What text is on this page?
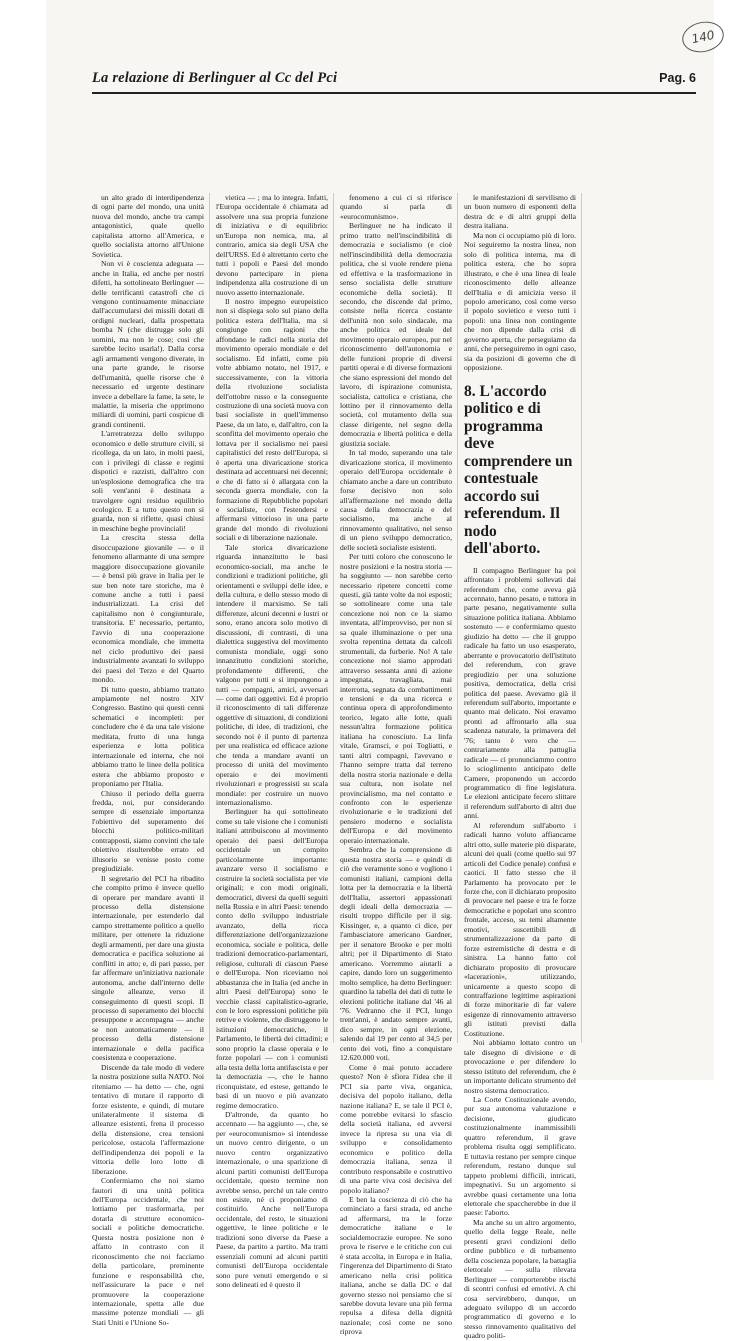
140
La relazione di Berlinguer al Cc del Pci	Pag. 6

un alto grado di interdipendenza di ogni parte del mondo, una unità nuova del mondo, anche tra campi antagonistici, quale quello capitalista attorno all'America, e quello socialista attorno all'Unione Sovietica.

Non vi è coscienza adeguata — anche in Italia, ed anche per nostri difetti, ha sottolineato Berlinguer — delle terrificanti catastrofi che ci vengono continuamente minacciate dall'accumularsi dei missili dotati di ordigni nucleari, dalla prospettata bomba N (che distrugge solo gli uomini, ma non le cose; cosi che sarebbe lecito usarla!). Dalla corsa agli armamenti vengono diverate, in una parte grande, le risorse dell'umanità, quelle risorse che è necessario ed urgente destinare invece a debellare la fame, la sete, le malattie, la miseria che opprimono miliardi di uomini, parti cospicue di grandi continenti.

L'arretratezza dello sviluppo economico e delle strutture civili, si ricollega, da un lato, in molti paesi, con i privilegi di classe e regimi dispotici e razzisti, dall'altro con un'esplosione demografica che tra soli vent'anni è destinata a travolgere ogni residuo equilibrio ecologico. E a tutto questo non si guarda, non si riflette, quasi chiusi in meschine beghe provinciali!

La crescita stessa della disoccupazione giovanile — e il fenomeno allarmante di una sempre maggiore disoccupazione giovanile — è bensì più grave in Italia per le sue ben note tare storiche, ma è comune anche a tutti i paesi industrializzati. La crisi del capitalismo non è congiunturale, transitoria. E' necessario, pertanto, l'avvio di una cooperazione economica mondiale, che immetta nel ciclo produttivo dei paesi industrialmente avanzati lo sviluppo dei paesi del Terzo e del Quarto mondo.

Di tutto questo, abbiamo trattato ampiamente nel nostro XIV Congresso. Bastino qui questi cenni schematici e incompleti: per concludere che è da una tale visione meditata, frutto di una lunga esperienza e lotta politica internazionale ed interna, che noi abbiamo tratto le linee della politica estera che abbiamo proposto e proponiamo per l'Italia.

Chiuso il periodo della guerra fredda, noi, pur considerando sempre di essenziale importanza l'obiettivo del superamento dei blocchi politico-militari contrapposti, siamo convinti che tale obiettivo risulterebbe errato ed illusorio se venisse posto come pregiudiziale.

Il segretario del PCI ha ribadito che compito primo è invece quello di operare per mandare avanti il processo della distensione internazionale, per estenderlo dal campo strettamente politico a quello militare, per ottenere la riduzione degli armamenti, per dare una giusta democratica e pacifica soluzione ai conflitti in atto; e, di pari passo, per far affermare un'iniziativa nazionale autonoma, anche dall'interno delle singole alleanze, verso il conseguimento di questi scopi. Il processo di superamento dei blocchi presuppone e accompagna — anche se non automaticamente — il processo della distensione internazionale e della pacifica coesistenza e cooperazione.

Discende da tale modo di vedere la nostra posizione sulla NATO. Noi riteniamo — ha detto — che, ogni tentativo di mutare il rapporto di forze esistente, e quindi, di mutare unilateralmente il sistema di alleanze esistenti, frena il processo della distensione, crea tensioni pericolose, ostacola l'affermazione dell'indipendenza dei popoli e la vittoria delle loro lotte di liberazione.

Confermiamo che noi siamo fautori di una unità politica dell'Europa occidentale, che noi lottiamo per trasformarla, per dotarla di strutture economico-sociali e politiche democratiche. Questa nostra posizione non è affatto in contrasto con il riconoscimento che noi facciamo della particolare, preminente funzione e responsabilità che, nell'assicurare la pace e nel promuovere la cooperazione internazionale, spetta alle due massime potenze mondiali — gli Stati Uniti e l'Unione So-

vietica — ; ma lo integra. Infatti, l'Europa occidentale è chiamata ad assolvere una sua propria funzione di iniziativa e di equilibrio: un'Europa non nemica, ma, al contrario, amica sia degli USA che dell'URSS. Ed è altrettanto certo che tutti i popoli e Paesi del mondo devono partecipare in piena indipendenza alla costruzione di un nuovo assetto internazionale.

Il nostro impegno europeistico non si dispiega solo sul piano della politica estera dell'Italia, ma si congiunge con ragioni che affondano le radici nella storia del movimento operaio mondiale e del socialismo. Ed infatti, come più volte abbiamo notato, nel 1917, e successivamente, con la vittoria della rivoluzione socialista dell'ottobre russo e la conseguente costruzione di una società nuova con basi socialiste in quell'immenso Paese, da un lato, e, dall'altro, con la sconfitta del movimento operaio che lottava per il socialismo nei paesi capitalistici del resto dell'Europa, si è aperta una divaricazione storica destinata ad accentuarsi nei decenni; e che di fatto si è allargata con la seconda guerra mondiale, con la formazione di Repubbliche popolari e socialiste, con l'estendersi e affermarsi vittorioso in una parte grande del mondo di rivoluzioni sociali e di liberazione nazionale.

Tale storica divaricazione riguarda innanzitutto le basi economico-sociali, ma anche le condizioni e tradizioni politiche, gli orientamenti e sviluppi delle idee, e della cultura, e dello stesso modo di intendere il marxismo. Se tali differenze, alcuni decenni e lustri or sono, erano ancora solo motivo di discussioni, di contrasti, di una dialettica suggestiva del movimento comunista mondiale, oggi sono innanzitutto condizioni storiche, profondamente differenti, che valgono per tutti e si impongono a tutti — compagni, amici, avversari — come dati oggettivi. Ed è proprio il riconoscimento di tali differenze oggettive di situazioni, di condizioni politiche, di idee, di tradizioni, che secondo noi è il punto di partenza per una realistica ed efficace azione che tenda a mandare avanti un processo di unità del movimento operaio e dei movimenti rivoluzionari e progressisti su scala mondiale: per costruire un nuovo internazionalismo.

Berlinguer ha qui sottolineato come su tale visione che i comunisti italiani attribuiscono al movimento operaio dei paesi dell'Europa occidentale un compito particolarmente importante: avanzare verso il socialismo e costruire la società socialista per vie originali; e con modi originali, democratici, diversi da quelli seguiti nella Russia e in altri Paesi: tenendo conto dello sviluppo industriale avanzato, della ricca differenziazione dell'organizzazione economica, sociale e politica, delle tradizioni democratico-parlamentari, religiose, culturali di ciascun Paese e dell'Europa. Non riceviamo noi abbastanza che in Italia (ed anche in altri Paesi dell'Europa) sono le vecchie classi capitalistico-agrarie, con le loro espressioni politiche più retrive e violente, che distruggono le istituzioni democratiche, il Parlamento, le libertà dei cittadini; e sono proprio la classe operaia e le forze popolari — con i comunisti alla testa della lotta antifascista e per la democrazia —, che le hanno riconquistate, ed estese, gettando le basi di un nuovo e più avanzato regime democratico.

D'altronde, da quanto ho accennato — ha aggiunto —, che, se per «eurocomunismo» si intendesse un nuovo centro dirigente, o un nuovo centro organizzativo internazionale, o una sparizione di alcuni partiti comunisti dell'Europa occidentale, questo termine non avrebbe senso, perché un tale centro non esiste, né ci proponiamo di costituirlo. Anche nell'Europa occidentale, del resto, le situazioni oggettive, le linee politiche e le tradizioni sono diverse da Paese a Paese, da partito a partito. Ma tratti essenziali comuni ad alcuni partiti comunisti dell'Europa occidentale sono pure venuti emergendo e si sono delineati ed è questo il

fenomeno a cui ci si riferisce quando si parla di «eurocomunismo».

Berlinguer ne ha indicato il primo tratto nell'inscindibilità di democrazia e socialismo (e cioè nell'inscindibilità della democrazia politica, che si vuole rendere piena ed effettiva e la trasformazione in senso socialista delle strutture economiche della società). Il secondo, che discende dal primo, consiste nella ricerca costante dell'unità non solo sindacale, ma anche politica ed ideale del movimento operaio europeo, pur nel riconoscimento dell'autonomia e delle funzioni proprie di diversi partiti operai e di diverse formazioni che siano espressioni del mondo del lavoro, di ispirazione comunista, socialista, cattolica e cristiana, che lottino per il rinnovamento della società, col mutamento della sua classe dirigente, nel segno della democrazia e libertà politica e della giustizia sociale.

In tal modo, superando una tale divaricazione storica, il movimento operaio dell'Europa occidentale è chiamato anche a dare un contributo forse decisivo non solo all'affermazione nel mondo della causa della democrazia e del socialismo, ma anche al rinnovamento qualitativo, nel senso di un pieno sviluppo democratico, delle società socialiste esistenti.

Per tutti coloro che conoscono le nostre posizioni e la nostra storia — ha soggiunto — non sarebbe certo necessario ripetere concetti come questi, già tante volte da noi esposti; se sottolineare come una tale concezione noi non ce la siamo inventata, all'improvviso, per non si sa quale illuminazione o per una svolta repentina dettata da calcoli strumentali, da furberie. No! A tale concezione noi siamo approdati attraverso sessanta anni di azione impegnata, travagliata, mai interrotta, segnata da combattimenti e tensioni e da una ricerca e continua opera di approfondimento teorico, legato alle lotte, quali nessun'altra formazione politica italiana ha conosciuto. La linfa vitale, Gramsci, e poi Togliatti, e tanti altri compagni, l'avevano e l'hanno sempre tratta dal terreno della nostra storia nazionale e della sua cultura, non isolate nel provincialismo, ma nel contatto e confronto con le esperienze rivoluzionarie e le tradizioni del pensiero moderno e socialista dell'Europa e del movimento operaio internazionale.

Sembra che la comprensione di questa nostra storia — e quindi di ciò che veramente sono e vogliono i comunisti italiani, campioni della lotta per la democrazia e la libertà dell'Italia, assertori appassionati degli ideali della democrazia — risulti troppo difficile per il sig. Kissinger, e, a quanto ci dice, per l'ambasciatore americano Gardner, per il senatore Brooke e per molti altri; per il Dipartimento di Stato americano. Vorremmo aiutarli a capire, dando loro un suggerimento molto semplice, ha detto Berlinguer: quardino la tabella dei dati di tutte le elezioni politiche italiane dal '46 al '76. Vedranno che il PCI, lungo trent'anni, è andato sempre avanti, dico sempre, in ogni elezione, salendo dal 19 per cento al 34,5 per cento dei voti, fino a conquistare 12.620.000 voti.

Come è mai potuto accadere questo? Non è sfiora l'idea che il PCI sia parte viva, organica, decisiva del popolo italiano, della nazione italiana? E, se tale il PCI è, come potrebbe evitarsi lo sfascio della società italiana, ed avversi invece la ripresa su una via di sviluppo e consolidamento economico e politico della democrazia italiana, senza il contributo responsabile e costruttivo di una parte viva così decisiva del popolo italiano?

E ben la coscienza di ciò che ha cominciato a farsi strada, ed anche ad affermarsi, tra le forze democratiche italiane e le socialdemocrazie europee. Ne sono prova le riserve e le critiche con cui è stata accolta, in Europa e in Italia, l'ingerenza del Dipartimento di Stato americano nella crisi politica italiana, anche se dalla DC e dal governo stesso noi pensiamo che si sarebbe dovuta levare una più ferma repulsa a difesa della dignità nazionale; così come ne sono riprova

le manifestazioni di servilismo di un buon numero di esponenti della destra dc e di altri gruppi della destra italiana.

Ma non ci occupiamo più di loro. Noi seguiremo la nostra linea, non solo di politica interna, ma di politica estera, che ho sopra illustrato, e che è una linea di leale riconoscimento delle alleanze dell'Italia e di amicizia verso il popolo americano, così come verso il popolo sovietico e verso tutti i popoli: una linea non contingente che non dipende dalla crisi di governo aperta, che perseguiamo da anni, che perseguiremo in ogni caso, sia da posizioni di governo che di opposizione.

8. L'accordo politico e di programma deve comprendere un contestuale accordo sui referendum. Il nodo dell'aborto.

Il compagno Berlinguer ha poi affrontato i problemi sollevati dai referendum che, come aveva già accennato, hanno pesato, e tuttora in parte pesano, negativamente sulla situazione politica italiana. Abbiamo sostenuto — e confermiamo questo giudizio ha detto — che il gruppo radicale ha fatto un uso esasperato, aberrante e provocatorio dell'istituto del referendum, con grave pregiudizio per una soluzione positiva, democratica, della crisi politica del paese. Avevamo già il referendum sull'aborto, importante e quanto mai delicato. Noi eravamo pronti ad affrontarlo alla sua scadenza naturale, la primavera del '76; tanto è vero che — contrariamente alla pattuglia radicale — ci pronunciammo contro lo scioglimento anticipato delle Camere, proponendo un accordo programmatico di fine legislatura. Le elezioni anticipate fecero slittare il referendum sull'aborto di altri due anni.

Al referendum sull'aborto i radicali hanno voluto affiancarne altri otto, sulle materie più disparate, alcuni dei quali (come quello sui 97 articoli del Codice penale) confusi e caotici. Il fatto stesso che il Parlamento ha provocato per le forze che, con il dichiarato proposito di provocare nel paese e tra le forze democratiche e popolari uno scontro frontale, acceso, su temi altamente emotivi, suscettibili di strumentalizzazione da parte di forze estremistiche di destra e di sinistra. La hanno fatto col dichiarato proposito di provocare «lacerazioni», utilizzando, unicamente a questo scopo di contraffazione legittime aspirazioni di forze minoritarie di far valere esigenze di rinnovamento attraverso gli istituti previsti dalla Costituzione.

Noi abbiamo lottato contro un tale disegno di divisione e di provocazione e per difendere lo stesso istituto del referendum, che è un importante delicato strumento del nostro sistema democratico.

La Corte Costituzionale avendo, pur sua autonoma valutazione e decisione, giudicato costituzionalmente inammissibili quattro referendum, il grave problema risulta oggi semplificato. E tuttavia restano per sempre cinque referendum, restano dunque sul tappeto problemi difficili, intricati, impegnativi. Su un argomento si avrebbe quasi certamente una lotta elettorale che spaccherebbe in due il paese: l'aborto.

Ma anche su un altro argomento, quello della legge Reale, nelle presenti gravi condizioni dello ordine pubblico e di turbamento della coscienza popolare, la battaglia elettorale — sulla rilevata Berlinguer — comporterebbe rischi di scontri confusi ed emotivi. A chi cosa servirebbero, dunque, un adeguato sviluppo di un accordo programmatico di governo e lo stesso rinnovamento qualitativo del quadro politi-
